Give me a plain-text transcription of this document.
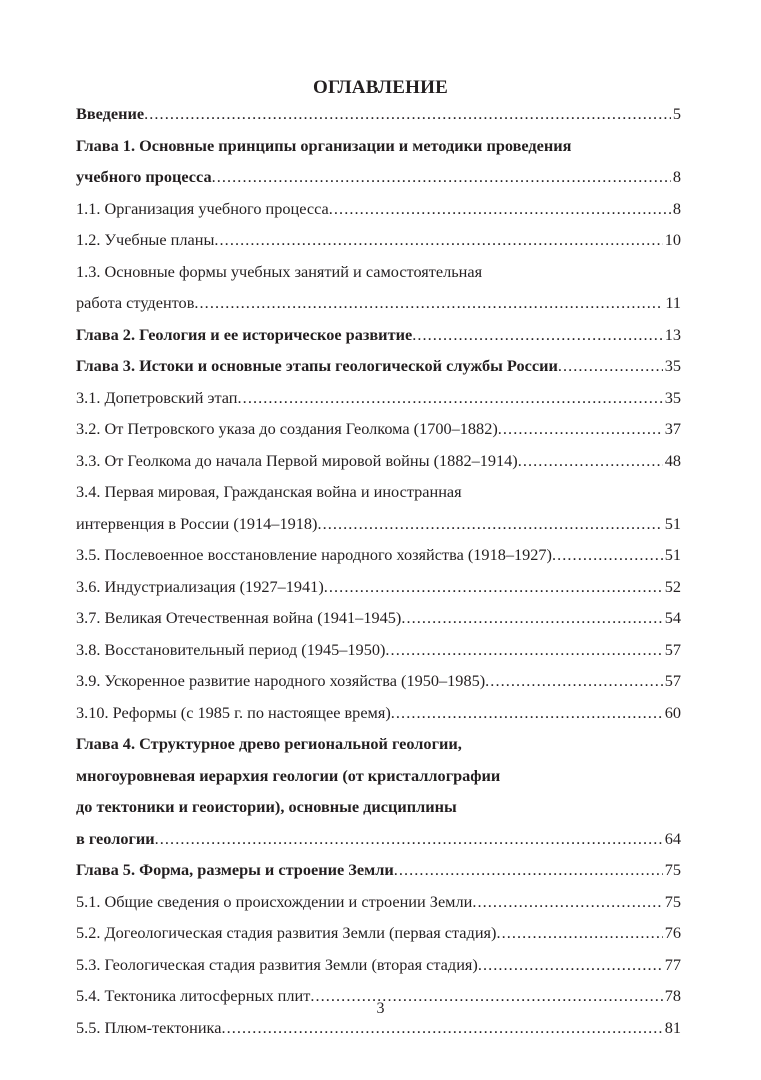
ОГЛАВЛЕНИЕ
Введение . . .	5
Глава 1. Основные принципы организации и методики проведения
учебного процесса . . .	8
1.1. Организация учебного процесса . . .	8
1.2. Учебные планы . . .	10
1.3. Основные формы учебных занятий и самостоятельная
работа студентов . . .	11
Глава 2. Геология и ее историческое развитие . . .	13
Глава 3. Истоки и основные этапы геологической службы России . . .	35
3.1. Допетровский этап . . .	35
3.2. От Петровского указа до создания Геолкома (1700–1882) . . .	37
3.3. От Геолкома до начала Первой мировой войны (1882–1914) . . .	48
3.4. Первая мировая, Гражданская война и иностранная
интервенция в России (1914–1918) . . .	51
3.5. Послевоенное восстановление народного хозяйства (1918–1927) . . .	51
3.6. Индустриализация (1927–1941) . . .	52
3.7. Великая Отечественная война (1941–1945) . . .	54
3.8. Восстановительный период (1945–1950) . . .	57
3.9. Ускоренное развитие народного хозяйства (1950–1985) . . .	57
3.10. Реформы (с 1985 г. по настоящее время) . . .	60
Глава 4. Структурное древо региональной геологии,
многоуровневая иерархия геологии (от кристаллографии
до тектоники и геоистории), основные дисциплины
в геологии . . .	64
Глава 5. Форма, размеры и строение Земли . . .	75
5.1. Общие сведения о происхождении и строении Земли . . .	75
5.2. Догеологическая стадия развития Земли (первая стадия) . . .	76
5.3. Геологическая стадия развития Земли (вторая стадия) . . .	77
5.4. Тектоника литосферных плит . . .	78
5.5. Плюм-тектоника . . .	81
3
